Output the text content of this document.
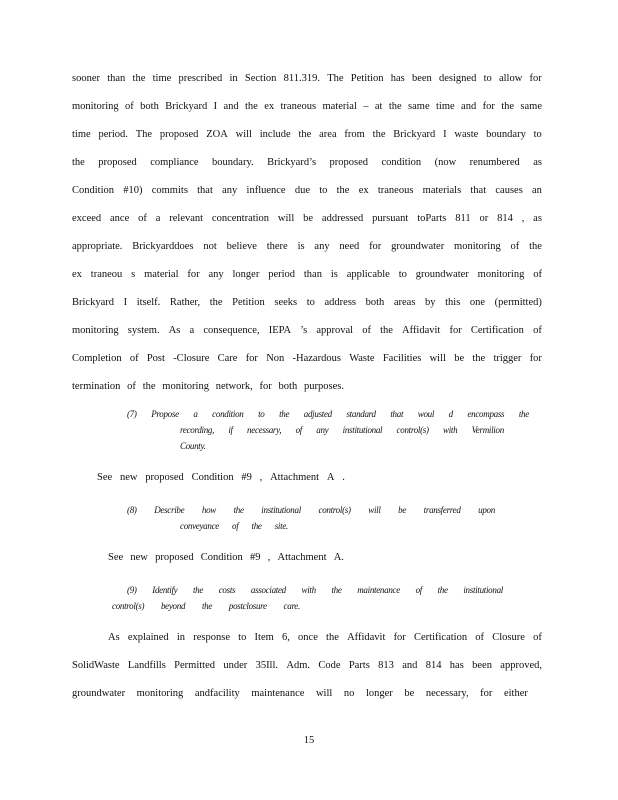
sooner than the time prescribed in Section 811.319. The Petition has been designed to allow for
monitoring of both Brickyard I and the ex traneous material – at the same time and for the same
time period. The proposed ZOA will include the area from the Brickyard I waste boundary to
the proposed compliance boundary. Brickyard’s proposed condition (now renumbered as
Condition #10) commits that any influence due to the ex traneous materials that causes an
exceed ance of a relevant concentration will be addressed pursuant toParts 811 or 814 , as
appropriate. Brickyarddoes not believe there is any need for groundwater monitoring of the
ex traneou s material for any longer period than is applicable to groundwater monitoring of
Brickyard I itself. Rather, the Petition seeks to address both areas by this one (permitted)
monitoring system. As a consequence, IEPA ’s approval of the Affidavit for Certification of
Completion of Post -Closure Care for Non -Hazardous Waste Facilities will be the trigger for
termination of the monitoring network, for both purposes.
(7) Propose a condition to the adjusted standard that woul d encompass the
recording, if necessary, of any institutional control(s) with Vermilion
County.
See new proposed Condition #9 , Attachment A .
(8) Describe how the institutional control(s) will be transferred upon
conveyance of the site.
See new proposed Condition #9 , Attachment A.
(9) Identify the costs associated with the maintenance of the institutional
control(s) beyond the postclosure care.
As explained in response to Item 6, once the Affidavit for Certification of Closure of
SolidWaste Landfills Permitted under 35Ill. Adm. Code Parts 813 and 814 has been approved,
groundwater monitoring andfacility maintenance will no longer be necessary, for either
15
